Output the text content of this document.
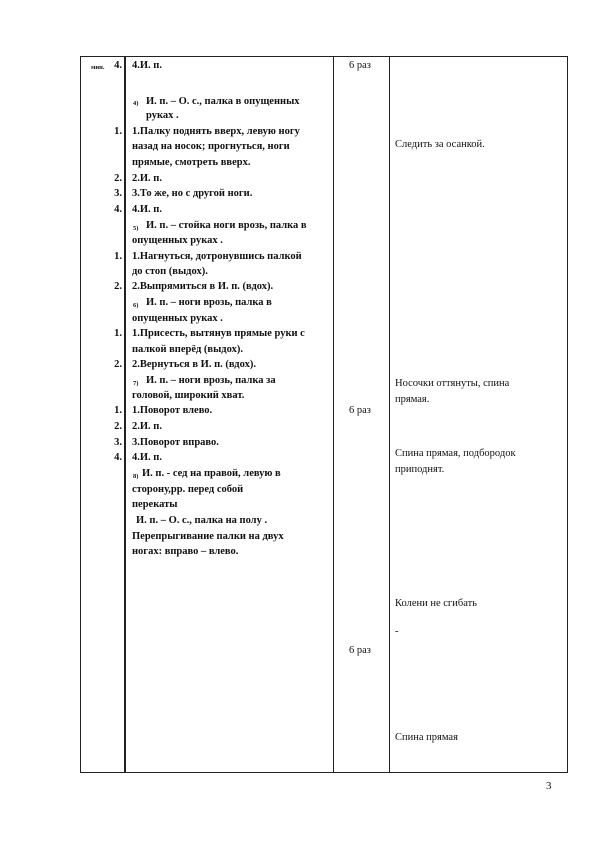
мин. 4.
1.
2.
3.
4.
1.
2.
1.
2.
1.
2.
3.
4.
4.И. п.
4) И. п. – О. с., палка в опущенных
руках .
1.Палку поднять вверх, левую ногу
назад на носок; прогнуться, ноги
прямые, смотреть вверх.
2.И. п.
3.То же, но с другой ноги.
4.И. п.
5) И. п. – стойка ноги врозь, палка в
опущенных руках .
1.Нагнуться, дотронувшись палкой
до стоп (выдох).
2.Выпрямиться в И. п. (вдох).
6) И. п. – ноги врозь, палка в
опущенных руках .
1.Присесть, вытянув прямые руки с
палкой вперёд (выдох).
2.Вернуться в И. п. (вдох).
7) И. п. – ноги врозь, палка за
головой, широкий хват.
1.Поворот влево.
2.И. п.
3.Поворот вправо.
4.И. п.
8) И. п. - сед на правой, левую в
сторону,рр. перед собой
перекаты
И. п. – О. с., палка на полу .
Перепрыгивание палки на двух
ногах: вправо – влево.
6 раз
6 раз
6 раз
Следить за осанкой.
Носочки оттянуты, спина
прямая.
Спина прямая, подбородок
приподнят.
Колени не сгибать
-
Спина прямая
3
